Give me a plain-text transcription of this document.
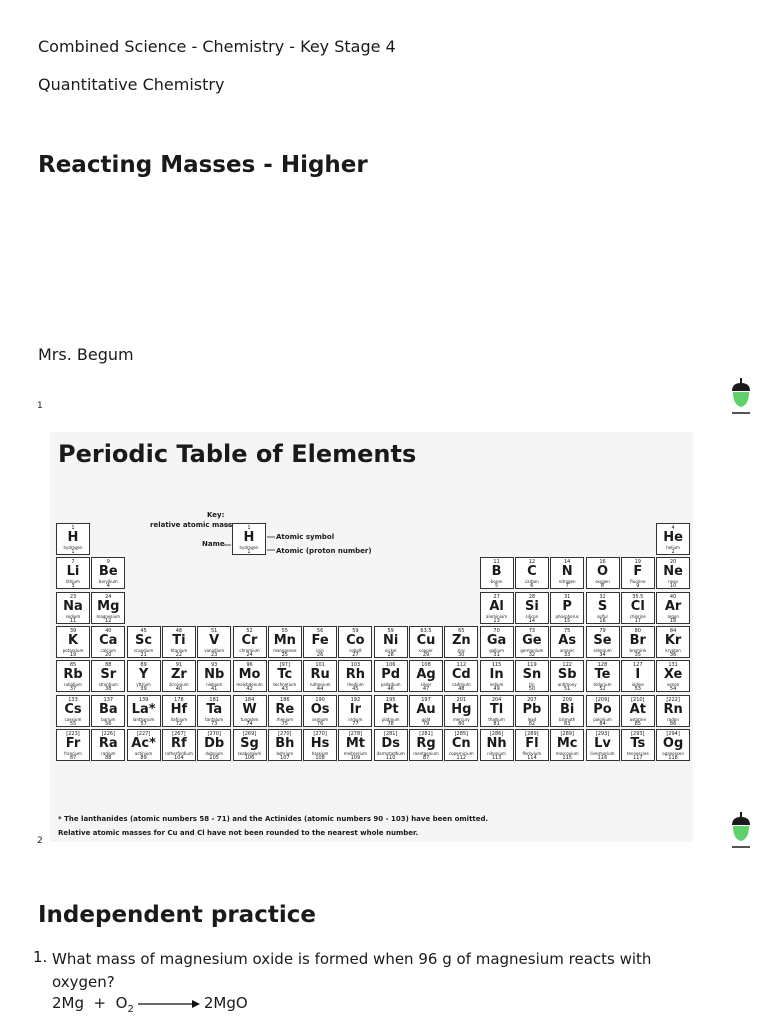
Combined Science - Chemistry - Key Stage 4
Quantitative Chemistry
Reacting Masses - Higher
Mrs. Begum
1
Periodic Table of Elements
Key:
relative atomic mass
Name
1
H
hydrogen
1
Atomic symbol
Atomic (proton number)
1
H
hydrogen
1
4
He
helium
2
7
Li
lithium
3
9
Be
beryllium
4
11
B
boron
5
12
C
carbon
6
14
N
nitrogen
7
16
O
oxygen
8
19
F
fluorine
9
20
Ne
neon
10
23
Na
sodium
11
24
Mg
magnesium
12
27
Al
aluminium
13
28
Si
silicon
14
31
P
phosphorus
15
32
S
sulfur
16
35.5
Cl
chlorine
17
40
Ar
argon
18
39
K
potassium
19
40
Ca
calcium
20
45
Sc
scandium
21
48
Ti
titanium
22
51
V
vanadium
23
52
Cr
chromium
24
55
Mn
manganese
25
56
Fe
iron
26
59
Co
cobalt
27
59
Ni
nickel
28
63.5
Cu
copper
29
65
Zn
zinc
30
70
Ga
gallium
31
73
Ge
germanium
32
75
As
arsenic
33
79
Se
selenium
34
80
Br
bromine
35
84
Kr
krypton
36
85
Rb
rubidium
37
88
Sr
strontium
38
89
Y
yttrium
39
91
Zr
zirconium
40
93
Nb
niobium
41
96
Mo
molybdenum
42
[97]
Tc
technetium
43
101
Ru
ruthenium
44
103
Rh
rhodium
45
106
Pd
palladium
46
108
Ag
silver
47
112
Cd
cadmium
48
115
In
indium
49
119
Sn
tin
50
122
Sb
antimony
51
128
Te
tellurium
52
127
I
iodine
53
131
Xe
xenon
54
133
Cs
caesium
55
137
Ba
barium
56
139
La*
lanthanum
57
178
Hf
hafnium
72
181
Ta
tantalum
73
184
W
tungsten
74
186
Re
rhenium
75
190
Os
osmium
76
192
Ir
iridium
77
195
Pt
platinum
78
197
Au
gold
79
201
Hg
mercury
80
204
Tl
thallium
81
207
Pb
lead
82
209
Bi
bismuth
83
[209]
Po
polonium
84
[210]
At
astatine
85
[222]
Rn
radon
86
[223]
Fr
francium
87
[226]
Ra
radium
88
[227]
Ac*
actinium
89
[267]
Rf
rutherfordium
104
[270]
Db
dubnium
105
[269]
Sg
seaborgium
106
[270]
Bh
bohrium
107
[270]
Hs
hassium
108
[278]
Mt
meitnerium
109
[281]
Ds
darmstadtium
110
[281]
Rg
roentgenium
87
[285]
Cn
copernicium
112
[286]
Nh
nihonium
113
[289]
Fl
flerovium
114
[289]
Mc
moscovium
115
[293]
Lv
livermorium
116
[293]
Ts
tennessine
117
[294]
Og
oganesson
118
* The lanthanides (atomic numbers 58 - 71) and the Actinides (atomic numbers 90 - 103) have been omitted.
Relative atomic masses for Cu and Cl have not been rounded to the nearest whole number.
2
Independent practice
1. What mass of magnesium oxide is formed when 96 g of magnesium reacts with oxygen?
$2Mg + O_2$	2MgO
